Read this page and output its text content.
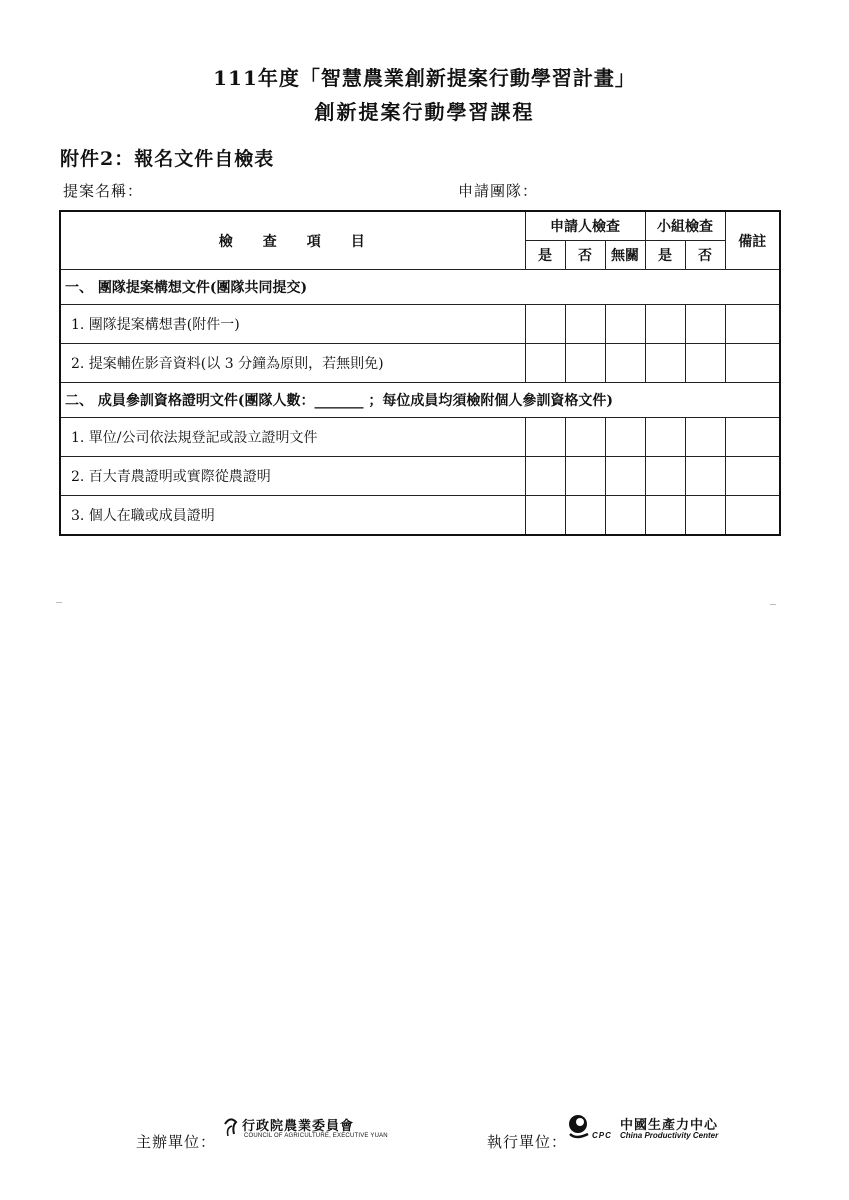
111年度「智慧農業創新提案行動學習計畫」
創新提案行動學習課程
附件2：報名文件自檢表
提案名稱：	申請團隊：
檢查項目	申請人檢查			小組檢查		備註
	是	否	無關	是	否	
一、 團隊提案構想文件(團隊共同提交)						
1. 團隊提案構想書(附件一)						
2. 提案輔佐影音資料(以 3 分鐘為原則，若無則免)						
二、 成員參訓資格證明文件(團隊人數：_______ ；每位成員均須檢附個人參訓資格文件)						
1. 單位/公司依法規登記或設立證明文件						
2. 百大青農證明或實際從農證明						
3. 個人在職或成員證明						
主辦單位：
行政院農業委員會
COUNCIL OF AGRICULTURE, EXECUTIVE YUAN	執行單位：
中國生產力中心
CPC China Productivity Center
